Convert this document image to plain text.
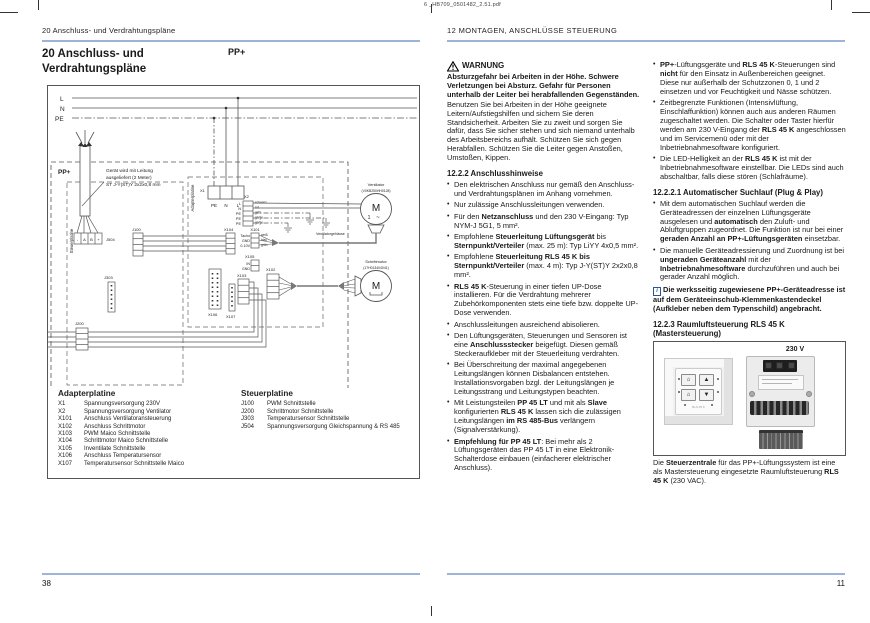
6 _HB709_0501482_2.51.pdf
20 Anschluss- und Verdrahtungspläne
20 Anschluss- und
Verdrahtungspläne
PP+
L
N
PE
PP+
Steuerplatine
Adapterplatine
Gerät wird mit Leitung
ausgeliefert (2 Meter)
ST J-Y(ST)Y 2x2x0,8 mm
- A B + J504
X1
PE N L
X2
L
N
PE
PE
PE
schwarz
rot
gelb
gn/ge
gn/ge
Ventilatorgehäuse
Ventilator
(V0KB250HH0128)
M
1 ~
J100	X104	X101
Tacho
GND
0-10V
weiß
blau
grün
X105
IN
GND
X106 X107
J303	X103
J200
X102
Schrittmotor
(17H013404041)
M
Adapterplatine
X1	Spannungsversorgung 230V
X2	Spannungsversorgung Ventilator
X101	Anschluss Ventilatoransteuerung
X102	Anschluss Schrittmotor
X103	PWM Maico Schnittstelle
X104	Schrittmotor Maico Schnittstelle
X105	Inventilate Schnittstelle
X106	Anschluss Temperatursensor
X107	Temperatursensor Schnittstelle Maico
Steuerplatine
J100	PWM Schnittstelle
J200	Schrittmotor Schnittstelle
J303	Temperatursensor Schnittstelle
J504	Spannungsversorgung Gleichspannung & RS 485
38
12 MONTAGEN, ANSCHLÜSSE STEUERUNG
WARNUNG

Absturzgefahr bei Arbeiten in der Höhe. Schwere Verletzungen bei Absturz. Gefahr für Personen unterhalb der Leiter bei herabfallenden Gegenständen.

Benutzen Sie bei Arbeiten in der Höhe geeignete Leitern/Aufstiegshilfen und sichern Sie deren Standsicherheit. Arbeiten Sie zu zweit und sorgen Sie dafür, dass Sie sicher stehen und sich niemand unterhalb des Arbeitsbereichs aufhält. Schützen Sie sich gegen Herabfallen. Schützen Sie die Leiter gegen Anstoßen, Umstoßen, Kippen.

12.2.2 Anschlusshinweise
• Den elektrischen Anschluss nur gemäß den Anschluss- und Verdrahtungsplänen im Anhang vornehmen.
• Nur zulässige Anschlussleitungen verwenden.
• Für den Netzanschluss und den 230 V-Eingang: Typ NYM-J 5G1, 5 mm².
• Empfohlene Steuerleitung Lüftungsgerät bis Sternpunkt/Verteiler (max. 25 m): Typ LiYY 4x0,5 mm².
• Empfohlene Steuerleitung RLS 45 K bis Sternpunkt/Verteiler (max. 4 m): Typ J-Y(ST)Y 2x2x0,8 mm².
• RLS 45 K-Steuerung in einer tiefen UP-Dose installieren. Für die Verdrahtung mehrerer Zubehörkomponenten stets eine tiefe bzw. doppelte UP-Dose verwenden.
• Anschlussleitungen ausreichend abisolieren.
• Den Lüftungsgeräten, Steuerungen und Sensoren ist eine Anschlussstecker beigefügt. Diesen gemäß Steckeraufkleber mit der Steuerleitung verdrahten.
• Bei Überschreitung der maximal angegebenen Leitungslängen können Disbalancen entstehen. Installationsvorgaben bzgl. der Leitungslängen je Leitungsstrang und Leitungstypen beachten.
• Mit Leistungsteilen PP 45 LT und mit als Slave konfigurierten RLS 45 K lassen sich die zulässigen Leitungslängen im RS 485-Bus verlängern (Signalverstärkung).
• Empfehlung für PP 45 LT: Bei mehr als 2 Lüftungsgeräten das PP 45 LT in eine Elektronik-Schalterdose einbauen (einfacherer elektrischer Anschluss).
• PP+-Lüftungsgeräte und RLS 45 K-Steuerungen sind nicht für den Einsatz in Außenbereichen geeignet. Diese nur außerhalb der Schutzzonen 0, 1 und 2 einsetzen und vor Feuchtigkeit und Nässe schützen.
• Zeitbegrenzte Funktionen (Intensivlüftung, Einschlaffunktion) können auch aus anderen Räumen zugeschaltet werden. Die Schalter oder Taster hierfür werden am 230 V-Eingang der RLS 45 K angeschlossen und im Servicemenü oder mit der Inbetriebnahmesoftware konfiguriert.
• Die LED-Helligkeit an der RLS 45 K ist mit der Inbetriebnahmesoftware einstellbar. Die LEDs sind auch abschaltbar, falls diese stören (Schlafräume).
12.2.2.1 Automatischer Suchlauf (Plug & Play)
• Mit dem automatischen Suchlauf werden die Geräteadressen der einzelnen Lüftungsgeräte ausgelesen und automatisch den Zuluft- und Abluftgruppen zugeordnet. Die Funktion ist nur bei einer geraden Anzahl an PP+-Lüftungsgeräten einsetzbar.
• Die manuelle Geräteadressierung und Zuordnung ist bei ungeraden Geräteanzahl mit der Inbetriebnahmesoftware durchzuführen und auch bei gerader Anzahl möglich.
i Die werksseitig zugewiesene PP+-Geräteadresse ist auf dem Geräteeinschub-Klemmenkastendeckel (Aufkleber neben dem Typenschild) angebracht.
12.2.3 Raumluftsteuerung RLS 45 K
(Mastersteuerung)
230 V
⌂	▲
⌂	▼
RLS 45 K

Die Steuerzentrale für das PP+-Lüftungssystem ist eine als Mastersteuerung eingesetzte Raumluftsteuerung RLS 45 K (230 VAC).

11
